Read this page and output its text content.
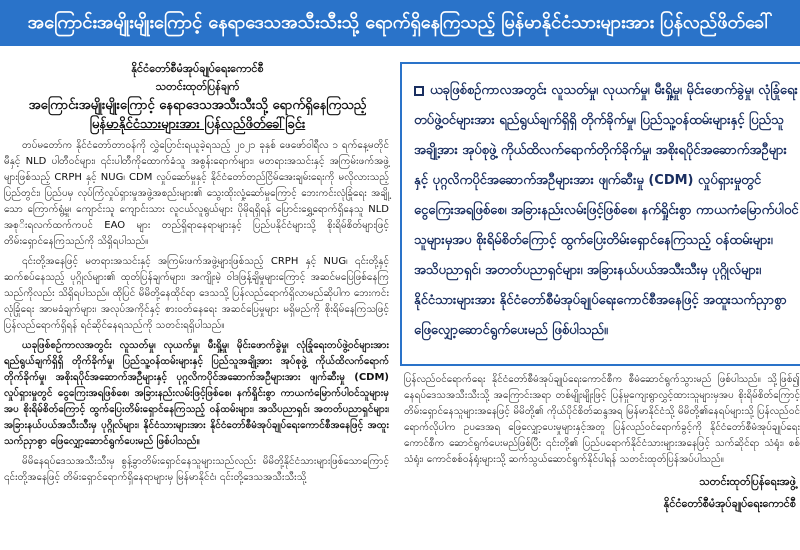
အကြောင်းအမျိုးမျိုးကြောင့် နေရာဒေသအသီးသီးသို့ ရောက်ရှိနေကြသည့် မြန်မာနိုင်ငံသားများအား ပြန်လည်ဖိတ်ခေါ်
နိုင်ငံတော်စီမံအုပ်ချုပ်ရေးကောင်စီ
သတင်းထုတ်ပြန်ချက်
အကြောင်းအမျိုးမျိုးကြောင့် နေရာဒေသအသီးသီးသို့ ရောက်ရှိနေကြသည့်
မြန်မာနိုင်ငံသားများအား ပြန်လည်ဖိတ်ခေါ်ခြင်း

တပ်မတော်က နိုင်ငံတော်တာဝန်ကို လွှဲပြောင်းရယူခဲ့ရသည့် ၂၀၂၁ ခုနှစ် ဖေဖော်ဝါရီလ ၁ ရက်နေ့မတိုင်မီနှင့် NLD ပါတီဝင်များ၊ ၎င်းပါတီကိုထောက်ခံသူ အစွန်းရောက်များ၊ မတရားအသင်းနှင့် အကြမ်းဖက်အဖွဲ့များဖြစ်သည့် CRPH နှင့် NUG၊ CDM လှုပ်ဆော်မှုနှင့် နိုင်ငံတော်တည်ငြိမ်အေးချမ်းရေးကို မလိုလားသည့်ပြည်တွင်း၊ ပြည်ပမှ လုပ်ကြံလှုပ်ရှားမှုအဖွဲ့အစည်းများ၏ သွေးထိုးလှုံ့ဆော်မှုကြောင့် ဘေးကင်းလုံခြုံရေး အချို့သော ကြောက်ရွံ့မှု၊ ကျောင်းသူ ကျောင်းသား လူငယ်လူရွယ်များ ပိုမိုရရှိရန် ပြောင်းရွှေ့ရောက်ရှိနေသူ NLD အစုိးရလက်ထက်ကပင် EAO များ တည်ရှိရာနေရာများနှင့် ပြည်ပနိုင်ငံများသို့ စိုးရိမ်စိတ်များဖြင့် တိမ်းရှောင်နေကြသည်ကို သိရှိရပါသည်။

၎င်းတို့အနေဖြင့် မတရားအသင်းနှင့် အကြမ်းဖက်အဖွဲ့များဖြစ်သည့် CRPH နှင့် NUG၊ ၎င်းတို့နှင့် ဆက်စပ်နေသည့် ပုဂ္ဂိုလ်များ၏ ထုတ်ပြန်ချက်များ၊ အကျိုးမဲ့ ဝါဒဖြန့်ချိမှုများကြောင့် အဆင်မပြေဖြစ်နေကြသည်ကိုလည်း သိရှိရပါသည်။ ထိုပြင် မိမိတို့နေထိုင်ရာ ဒေသသို့ ပြန်လည်ရောက်ရှိလာမည်ဆိုပါက ဘေးကင်းလုံခြုံရေး အာမခံချက်များ၊ အလုပ်အကိုင်နှင့် စားဝတ်နေရေး အဆင်ပြေမှုများ မရှိမည်ကို စိုးရိမ်နေကြသဖြင့် ပြန်လည်ရောက်ရှိရန် ရင်ဆိုင်နေရသည်ကို သတင်းရရှိပါသည်။

ယခုဖြစ်စဉ်ကာလအတွင်း လူသတ်မှု၊ လုယက်မှု၊ မီးရှို့မှု၊ မိုင်းဖောက်ခွဲမှု၊ လုံခြုံရေးတပ်ဖွဲ့ဝင်များအား ရည်ရွယ်ချက်ရှိရှိ တိုက်ခိုက်မှု၊ ပြည်သူ့ဝန်ထမ်းများနှင့် ပြည်သူအချို့အား အုပ်စုဖွဲ့ ကိုယ်ထိလက်ရောက် တိုက်ခိုက်မှု၊ အစိုးရပိုင်အဆောက်အဦများနှင့် ပုဂ္ဂလိကပိုင်အဆောက်အဦများအား ဖျက်ဆီးမှု (CDM) လှုပ်ရှားမှုတွင် ငွေကြေးအရဖြစ်စေ၊ အခြားနည်းလမ်းဖြင့်ဖြစ်စေ၊ နက်ရှိုင်းစွာ ကာယကံမြောက်ပါဝင်သူများမှအပ စိုးရိမ်စိတ်ကြောင့် ထွက်ပြေးတိမ်းရှောင်နေကြသည့် ဝန်ထမ်းများ၊ အသိပညာရှင်၊ အတတ်ပညာရှင်များ၊ အခြားနယ်ပယ်အသီးသီးမှ ပုဂ္ဂိုလ်များ၊ နိုင်ငံသားများအား နိုင်ငံတော်စီမံအုပ်ချုပ်ရေးကောင်စီအနေဖြင့် အထူးသက်ညှာစွာ ဖြေလျှော့ဆောင်ရွက်ပေးမည် ဖြစ်ပါသည်။

မိမိနေရပ်ဒေသအသီးသီးမှ စွန့်ခွာတိမ်းရှောင်နေသူများသည်လည်း မိမိတို့နိုင်ငံသားများဖြစ်သောကြောင့် ၎င်းတို့အနေဖြင့် တိမ်းရှောင်ရောက်ရှိနေရာများမှ မြန်မာနိုင်ငံ၊ ၎င်းတို့ဒေသအသီးသီးသို့

ယခုဖြစ်စဉ်ကာလအတွင်း လူသတ်မှု၊ လုယက်မှု၊ မီးရှို့မှု၊ မိုင်းဖောက်ခွဲမှု၊ လုံခြုံရေးတပ်ဖွဲ့ဝင်များအား ရည်ရွယ်ချက်ရှိရှိ တိုက်ခိုက်မှု၊ ပြည်သူ့ဝန်ထမ်းများနှင့် ပြည်သူအချို့အား အုပ်စုဖွဲ့ ကိုယ်ထိလက်ရောက်တိုက်ခိုက်မှု၊ အစိုးရပိုင်အဆောက်အဦများနှင့် ပုဂ္ဂလိကပိုင်အဆောက်အဦများအား ဖျက်ဆီးမှု (CDM) လှုပ်ရှားမှုတွင် ငွေကြေးအရဖြစ်စေ၊ အခြားနည်းလမ်းဖြင့်ဖြစ်စေ၊ နက်ရှိုင်းစွာ ကာယကံမြောက်ပါဝင်သူများမှအပ စိုးရိမ်စိတ်ကြောင့် ထွက်ပြေးတိမ်းရှောင်နေကြသည့် ဝန်ထမ်းများ၊ အသိပညာရှင်၊ အတတ်ပညာရှင်များ၊ အခြားနယ်ပယ်အသီးသီးမှ ပုဂ္ဂိုလ်များ၊ နိုင်ငံသားများအား နိုင်ငံတော်စီမံအုပ်ချုပ်ရေးကောင်စီအနေဖြင့် အထူးသက်ညှာစွာ ဖြေလျှော့ဆောင်ရွက်ပေးမည် ဖြစ်ပါသည်။

ပြန်လည်ဝင်ရောက်ရေး နိုင်ငံတော်စီမံအုပ်ချုပ်ရေးကောင်စီက စီမံဆောင်ရွက်သွားမည် ဖြစ်ပါသည်။ သို့ဖြစ်၍ နေရပ်ဒေသအသီးသီးသို့ အကြောင်းအရာ တစ်မျိုးမျိုးဖြင့် ပြန်မှုကျေးရွာလွှင့်ထားသူများမှအပ စိုးရိမ်စိတ်ကြောင့် တိမ်းရှောင်နေသူများအနေဖြင့် မိမိတို့၏ ကိုယ်ပိုင်စိတ်ဆန္ဒအရ မြန်မာနိုင်ငံသို့ မိမိတို့၏နေရပ်များသို့ ပြန်လည်ဝင်ရောက်လိုပါက ဥပဒေအရ ဖြေလျှော့ပေးမှုများနှင့်အတူ ပြန်လည်ဝင်ရောက်ခွင့်ကို နိုင်ငံတော်စီမံအုပ်ချုပ်ရေးကောင်စီက ဆောင်ရွက်ပေးမည်ဖြစ်ပြီး ၎င်းတို့၏ ပြည်ပရောက်နိုင်ငံသားများအနေဖြင့် သက်ဆိုင်ရာ သံရုံး၊ စစ်သံရုံး၊ ကောင်စစ်ဝန်ရုံးများသို့ ဆက်သွယ်ဆောင်ရွက်နိုင်ပါရန် သတင်းထုတ်ပြန်အပ်ပါသည်။

သတင်းထုတ်ပြန်ရေးအဖွဲ့
နိုင်ငံတော်စီမံအုပ်ချုပ်ရေးကောင်စီ
